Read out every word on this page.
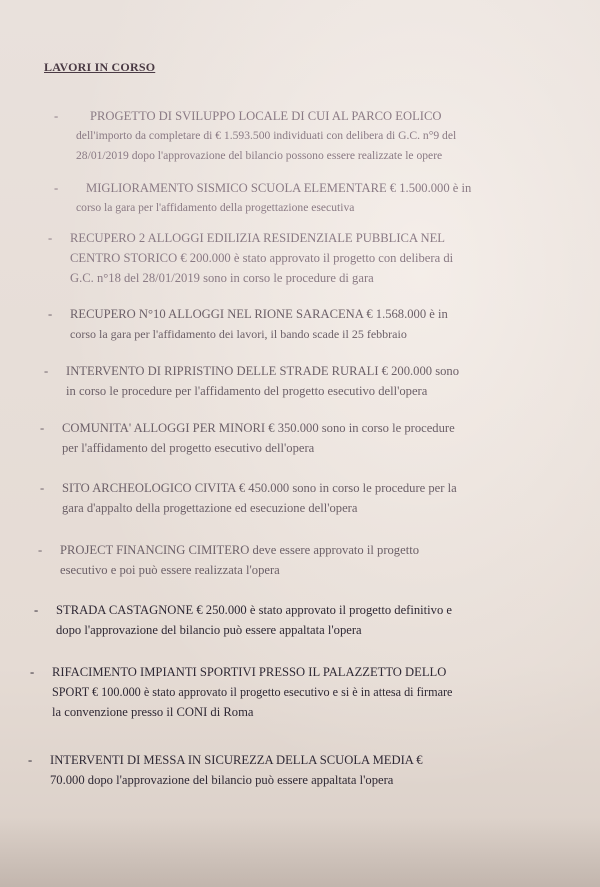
LAVORI IN CORSO
-	PROGETTO DI SVILUPPO LOCALE DI CUI AL PARCO EOLICO
dell'importo da completare di € 1.593.500 individuati con delibera di G.C. n°9 del
28/01/2019 dopo l'approvazione del bilancio possono essere realizzate le opere
- MIGLIORAMENTO SISMICO SCUOLA ELEMENTARE € 1.500.000 è in
corso la gara per l'affidamento della progettazione esecutiva
- RECUPERO 2 ALLOGGI EDILIZIA RESIDENZIALE PUBBLICA NEL
CENTRO STORICO € 200.000 è stato approvato il progetto con delibera di
G.C. n°18 del 28/01/2019 sono in corso le procedure di gara
- RECUPERO N°10 ALLOGGI NEL RIONE SARACENA € 1.568.000 è in
corso la gara per l'affidamento dei lavori, il bando scade il 25 febbraio
- INTERVENTO DI RIPRISTINO DELLE STRADE RURALI € 200.000 sono
in corso le procedure per l'affidamento del progetto esecutivo dell'opera
- COMUNITA' ALLOGGI PER MINORI € 350.000 sono in corso le procedure
per l'affidamento del progetto esecutivo dell'opera
- SITO ARCHEOLOGICO CIVITA € 450.000 sono in corso le procedure per la
gara d'appalto della progettazione ed esecuzione dell'opera
- PROJECT FINANCING CIMITERO deve essere approvato il progetto
esecutivo e poi può essere realizzata l'opera
- STRADA CASTAGNONE € 250.000 è stato approvato il progetto definitivo e
dopo l'approvazione del bilancio può essere appaltata l'opera
- RIFACIMENTO IMPIANTI SPORTIVI PRESSO IL PALAZZETTO DELLO
SPORT € 100.000 è stato approvato il progetto esecutivo e si è in attesa di firmare
la convenzione presso il CONI di Roma
- INTERVENTI DI MESSA IN SICUREZZA DELLA SCUOLA MEDIA €
70.000 dopo l'approvazione del bilancio può essere appaltata l'opera
